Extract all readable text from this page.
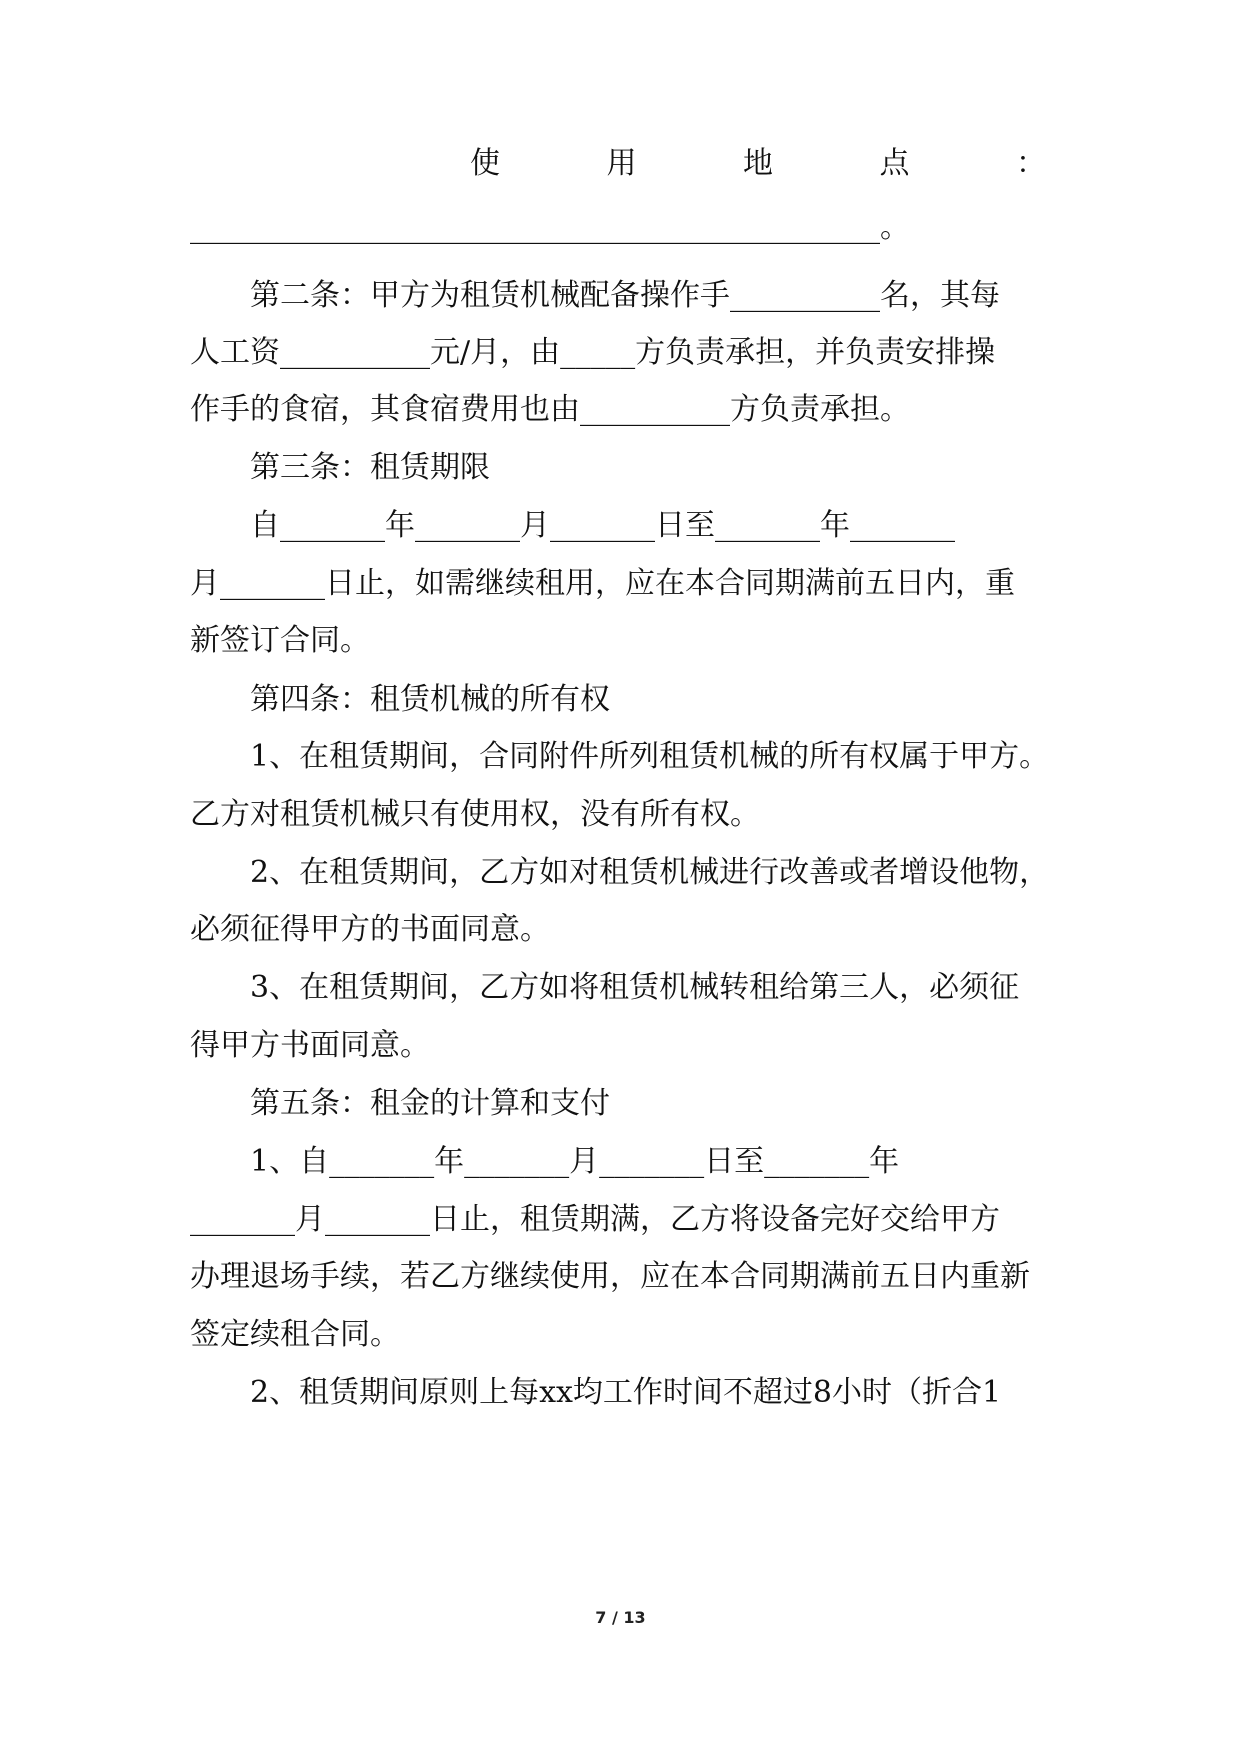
使	用	地	点	：
______________________________________________。
第二条：甲方为租赁机械配备操作手__________名，其每
人工资__________元/月，由_____方负责承担，并负责安排操
作手的食宿，其食宿费用也由__________方负责承担。
第三条：租赁期限
自_______年_______月_______日至_______年_______
月_______日止，如需继续租用，应在本合同期满前五日内，重
新签订合同。
第四条：租赁机械的所有权
1、在租赁期间，合同附件所列租赁机械的所有权属于甲方。
乙方对租赁机械只有使用权，没有所有权。
2、在租赁期间，乙方如对租赁机械进行改善或者增设他物，
必须征得甲方的书面同意。
3、在租赁期间，乙方如将租赁机械转租给第三人，必须征
得甲方书面同意。
第五条：租金的计算和支付
1、自_______年_______月_______日至_______年
_______月_______日止，租赁期满，乙方将设备完好交给甲方
办理退场手续，若乙方继续使用，应在本合同期满前五日内重新
签定续租合同。
2、租赁期间原则上每xx均工作时间不超过8小时（折合1
7 / 13
